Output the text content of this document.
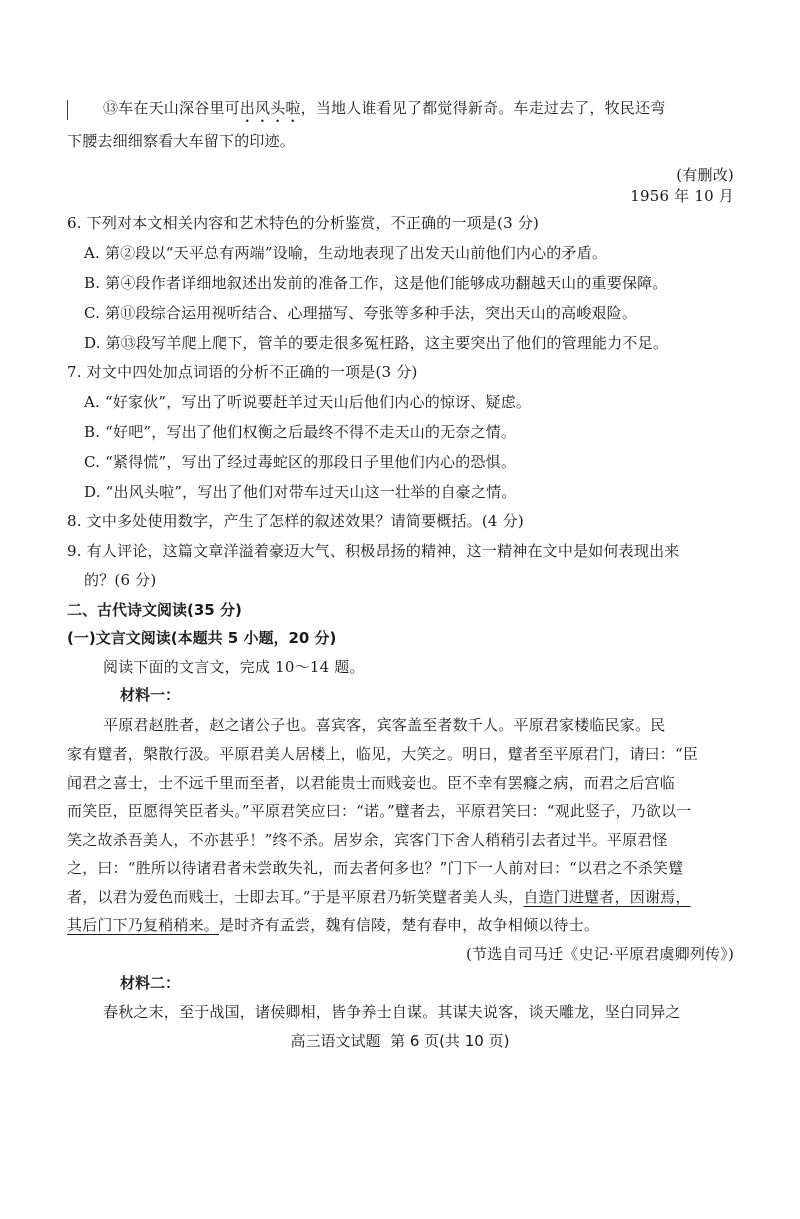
⑬车在天山深谷里可出风头啦，当地人谁看见了都觉得新奇。车走过去了，牧民还弯
下腰去细细察看大车留下的印迹。
(有删改)
1956 年 10 月
6. 下列对本文相关内容和艺术特色的分析鉴赏，不正确的一项是(3 分)
A. 第②段以“天平总有两端”设喻，生动地表现了出发天山前他们内心的矛盾。
B. 第④段作者详细地叙述出发前的准备工作，这是他们能够成功翻越天山的重要保障。
C. 第⑪段综合运用视听结合、心理描写、夸张等多种手法，突出天山的高峻艰险。
D. 第⑬段写羊爬上爬下，管羊的要走很多冤枉路，这主要突出了他们的管理能力不足。
7. 对文中四处加点词语的分析不正确的一项是(3 分)
A. “好家伙”，写出了听说要赶羊过天山后他们内心的惊讶、疑虑。
B. “好吧”，写出了他们权衡之后最终不得不走天山的无奈之情。
C. “紧得慌”，写出了经过毒蛇区的那段日子里他们内心的恐惧。
D. “出风头啦”，写出了他们对带车过天山这一壮举的自豪之情。
8. 文中多处使用数字，产生了怎样的叙述效果？请简要概括。(4 分)
9. 有人评论，这篇文章洋溢着豪迈大气、积极昂扬的精神，这一精神在文中是如何表现出来
的？(6 分)
二、古代诗文阅读(35 分)
(一)文言文阅读(本题共 5 小题，20 分)
阅读下面的文言文，完成 10～14 题。
材料一：
平原君赵胜者，赵之诸公子也。喜宾客，宾客盖至者数千人。平原君家楼临民家。民
家有躄者，槃散行汲。平原君美人居楼上，临见，大笑之。明日，躄者至平原君门，请曰：“臣
闻君之喜士，士不远千里而至者，以君能贵士而贱妾也。臣不幸有罢癃之病，而君之后宫临
而笑臣，臣愿得笑臣者头。”平原君笑应曰：“诺。”躄者去，平原君笑曰：“观此竖子，乃欲以一
笑之故杀吾美人，不亦甚乎！”终不杀。居岁余，宾客门下舍人稍稍引去者过半。平原君怪
之，曰：“胜所以待诸君者未尝敢失礼，而去者何多也？”门下一人前对曰：“以君之不杀笑躄
者，以君为爱色而贱士，士即去耳。”于是平原君乃斩笑躄者美人头，自造门进躄者，因谢焉，
其后门下乃复稍稍来。是时齐有孟尝，魏有信陵，楚有春申，故争相倾以待士。
(节选自司马迁《史记·平原君虞卿列传》)
材料二：
春秋之末，至于战国，诸侯卿相，皆争养士自谋。其谋夫说客，谈天雕龙，坚白同异之
高三语文试题 第 6 页(共 10 页)
